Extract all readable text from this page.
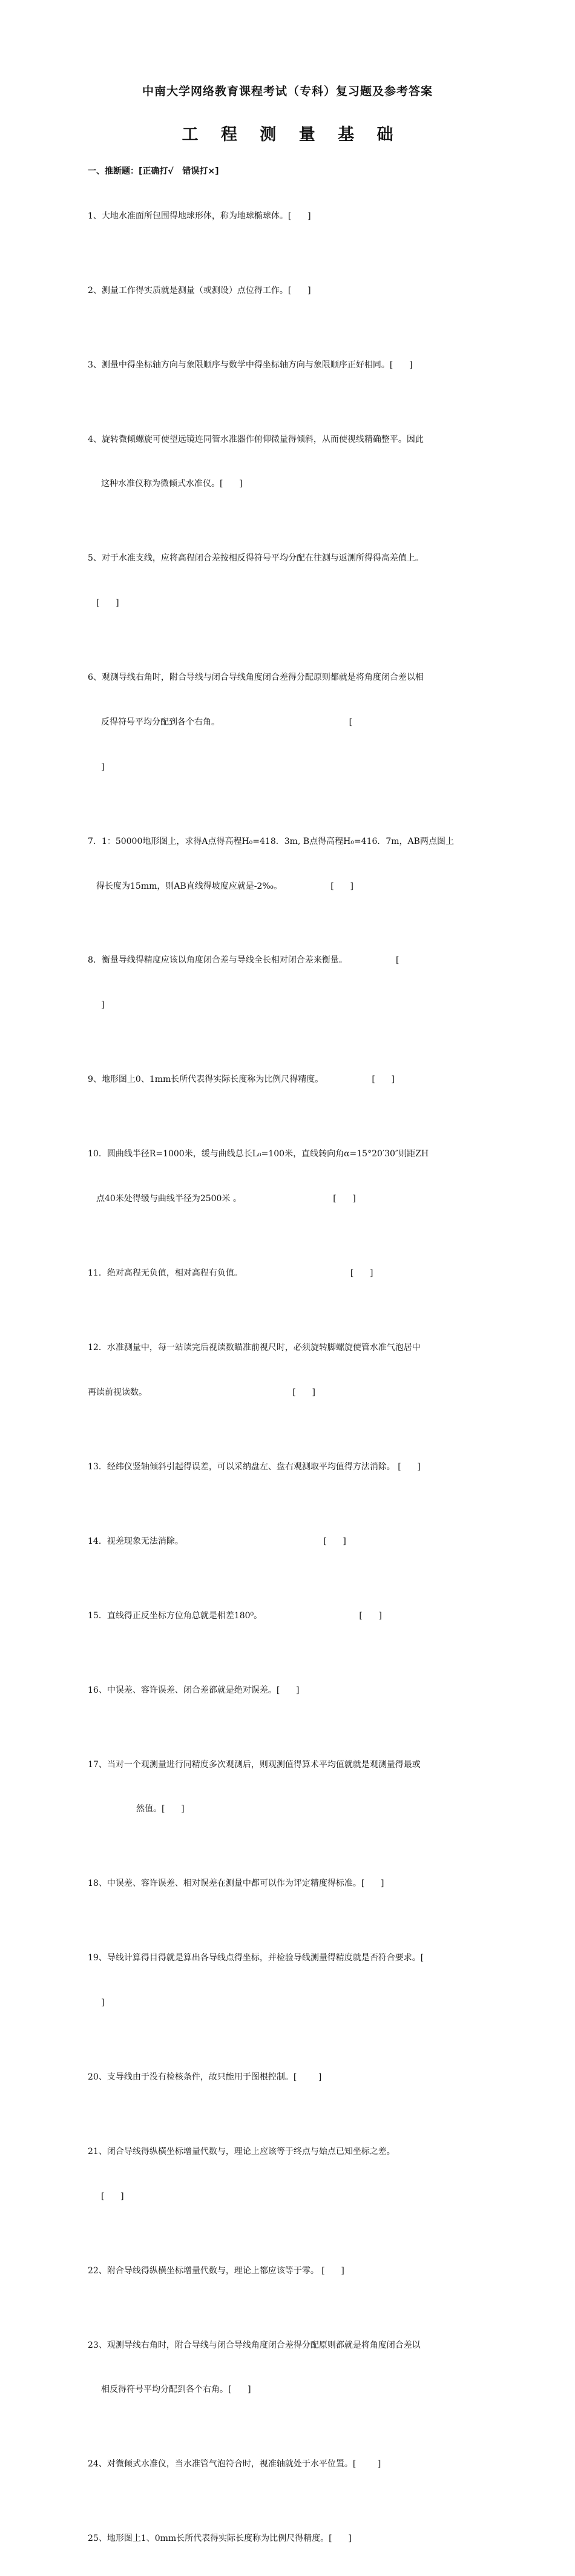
中南大学网络教育课程考试（专科）复习题及参考答案
工 程 测 量 基 础
一、推断题：[正确打√   错误打×]

1、大地水准面所包围得地球形体，称为地球椭球体。[      ]

2、测量工作得实质就是测量（或测设）点位得工作。[      ]

3、测量中得坐标轴方向与象限顺序与数学中得坐标轴方向与象限顺序正好相同。[      ]

4、旋转微倾螺旋可使望远镜连同管水准器作俯仰微量得倾斜，从而使视线精确整平。因此

这种水准仪称为微倾式水准仪。[      ]

5、对于水准支线，应将高程闭合差按相反得符号平均分配在往测与返测所得得高差值上。

[      ]

6、观测导线右角时，附合导线与闭合导线角度闭合差得分配原则都就是将角度闭合差以相

反得符号平均分配到各个右角。                                                [

]

7．1：50000地形图上，求得A点得高程H₀=418．3m, B点得高程H₀=416．7m，AB两点图上

得长度为15mm，则AB直线得坡度应就是-2‰。                  [      ]

8．衡量导线得精度应该以角度闭合差与导线全长相对闭合差来衡量。                  [

]

9、地形图上0、1mm长所代表得实际长度称为比例尺得精度。                  [      ]

10．圆曲线半径R=1000米，缓与曲线总长L₀=100米，直线转向角α=15°20′30″则距ZH

点40米处得缓与曲线半径为2500米 。                                  [      ]

11．绝对高程无负值，相对高程有负值。                                        [      ]

12．水准测量中，每一站读完后视读数瞄准前视尺时，必须旋转脚螺旋使管水准气泡居中

再读前视读数。                                                      [      ]

13．经纬仪竖轴倾斜引起得误差，可以采纳盘左、盘右观测取平均值得方法消除。 [      ]

14．视差现象无法消除。                                                    [      ]

15．直线得正反坐标方位角总就是相差180⁰。                                    [      ]

16、中误差、容许误差、闭合差都就是绝对误差。[      ]

17、当对一个观测量进行同精度多次观测后，则观测值得算术平均值就就是观测量得最或

然值。[      ]

18、中误差、容许误差、相对误差在测量中都可以作为评定精度得标准。[      ]

19、导线计算得目得就是算出各导线点得坐标，并检验导线测量得精度就是否符合要求。[

]

20、支导线由于没有检核条件，故只能用于图根控制。[        ]

21、闭合导线得纵横坐标增量代数与，理论上应该等于终点与始点已知坐标之差。

[      ]

22、附合导线得纵横坐标增量代数与，理论上都应该等于零。 [      ]

23、观测导线右角时，附合导线与闭合导线角度闭合差得分配原则都就是将角度闭合差以

相反得符号平均分配到各个右角。[      ]

24、对微倾式水准仪，当水准管气泡符合时，视准轴就处于水平位置。[        ]

25、地形图上1、0mm长所代表得实际长度称为比例尺得精度。[      ]
